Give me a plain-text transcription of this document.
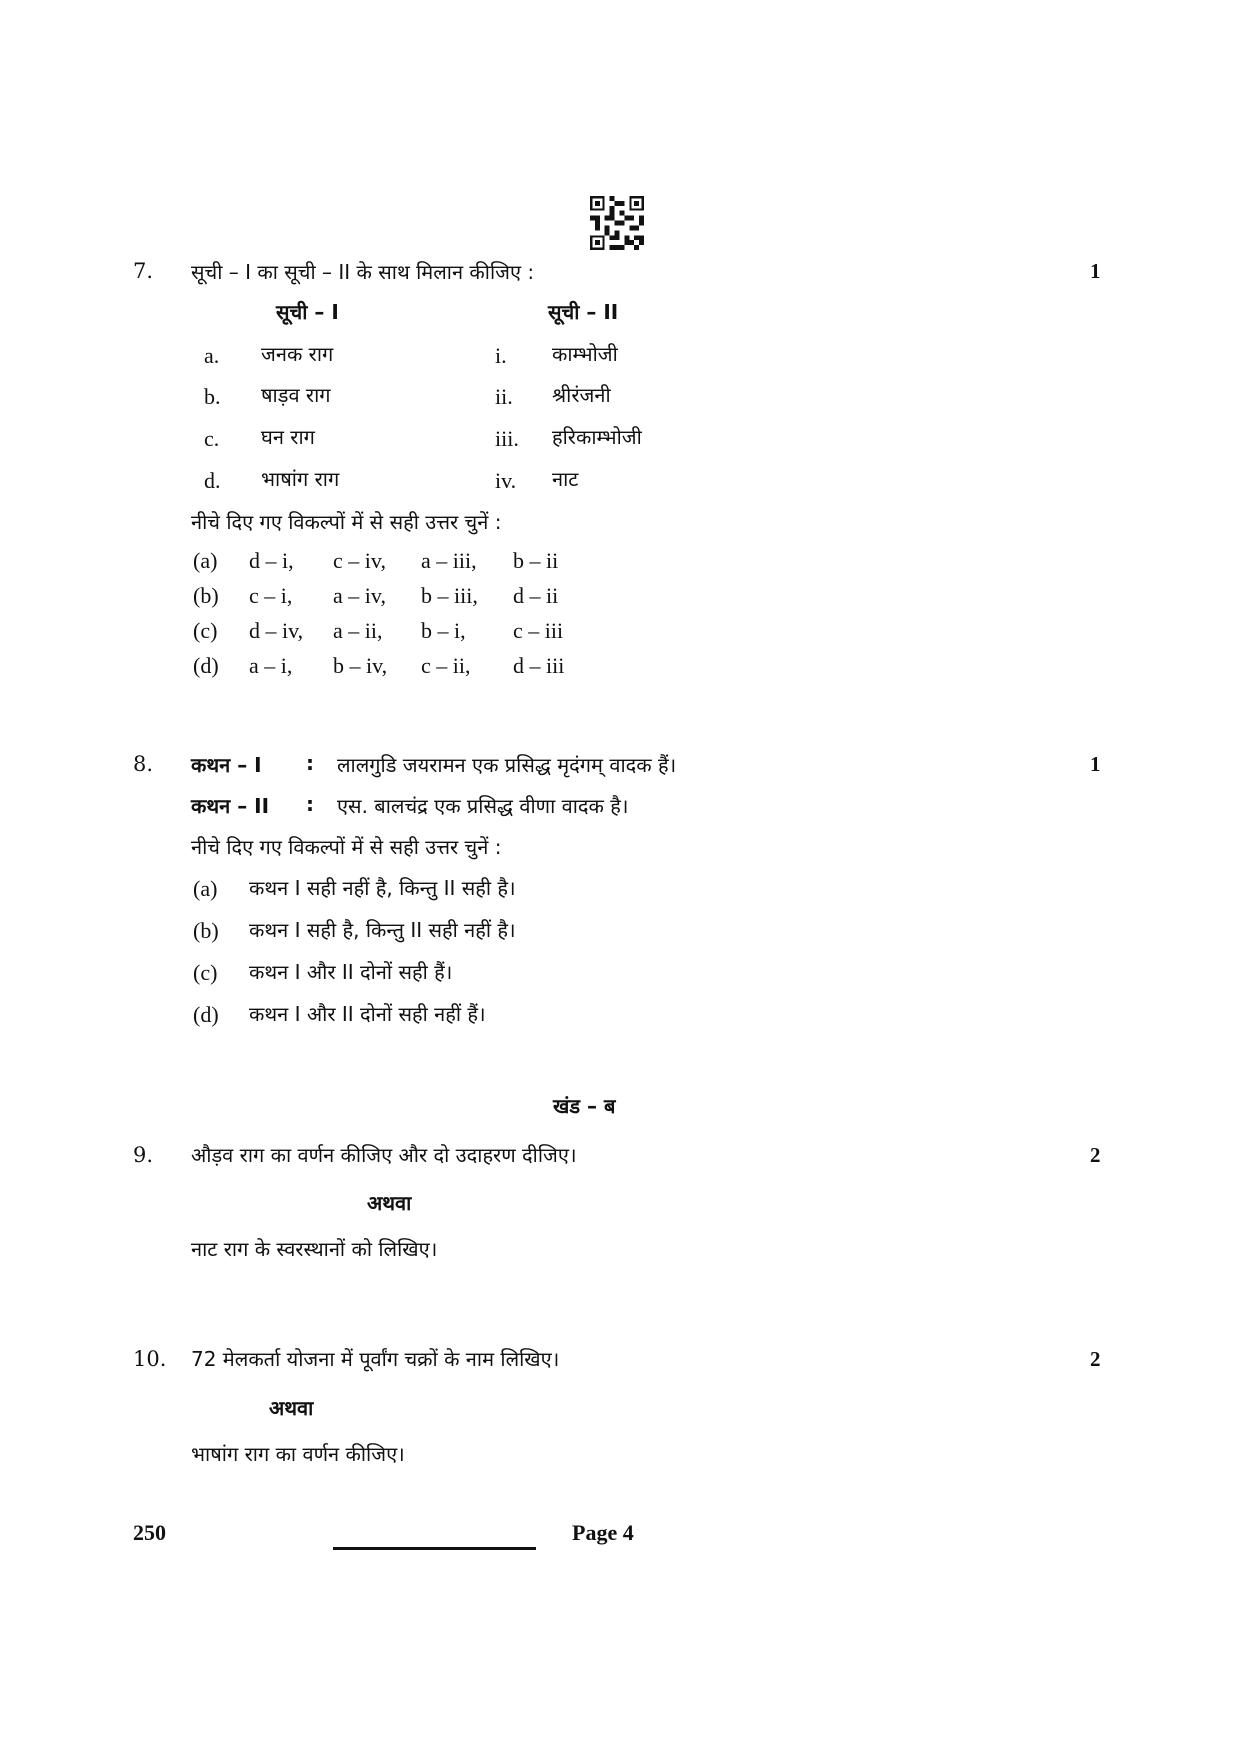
7. सूची – I का सूची – II के साथ मिलान कीजिए :	1
सूची – I	सूची – II
a. जनक राग	i. काम्भोजी
b. षाड़व राग	ii. श्रीरंजनी
c. घन राग	iii. हरिकाम्भोजी
d. भाषांग राग	iv. नाट
नीचे दिए गए विकल्पों में से सही उत्तर चुनें :
(a) d – i, c – iv, a – iii, b – ii
(b) c – i, a – iv, b – iii, d – ii
(c) d – iv, a – ii, b – i, c – iii
(d) a – i, b – iv, c – ii, d – iii
8. कथन – I : लालगुडि जयरामन एक प्रसिद्ध मृदंगम् वादक हैं।	1
कथन – II : एस. बालचंद्र एक प्रसिद्ध वीणा वादक है।
नीचे दिए गए विकल्पों में से सही उत्तर चुनें :
(a) कथन I सही नहीं है, किन्तु II सही है।
(b) कथन I सही है, किन्तु II सही नहीं है।
(c) कथन I और II दोनों सही हैं।
(d) कथन I और II दोनों सही नहीं हैं।
खंड – ब
9. औड़व राग का वर्णन कीजिए और दो उदाहरण दीजिए।	2
अथवा
नाट राग के स्वरस्थानों को लिखिए।
10. 72 मेलकर्ता योजना में पूर्वांग चक्रों के नाम लिखिए।	2
अथवा
भाषांग राग का वर्णन कीजिए।
250	Page 4
